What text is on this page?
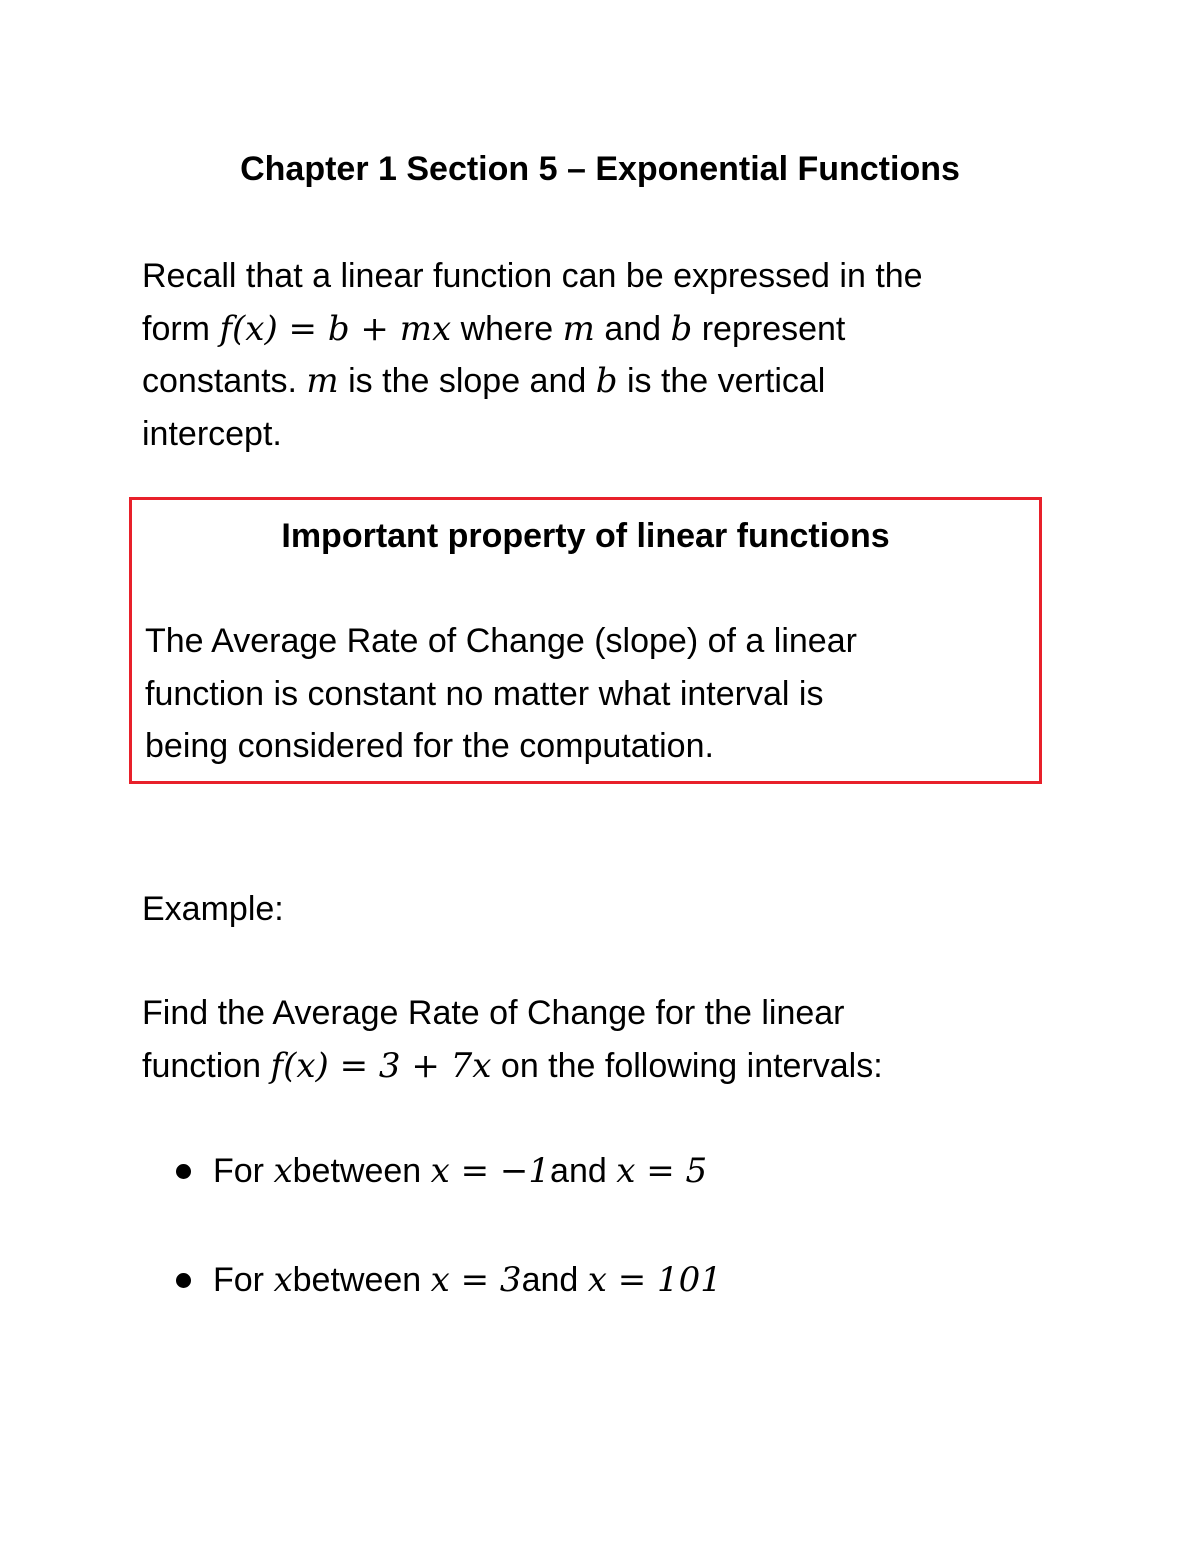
Chapter 1 Section 5 – Exponential Functions

Recall that a linear function can be expressed in the
form f(x) = b + mx where m and b represent
constants. m is the slope and b is the vertical
intercept.

Important property of linear functions

The Average Rate of Change (slope) of a linear
function is constant no matter what interval is
being considered for the computation.

Example:

Find the Average Rate of Change for the linear
function f(x) = 3 + 7x on the following intervals:

For
x between
x = −1 and
x = 5
For
x between
x = 3 and
x = 101
